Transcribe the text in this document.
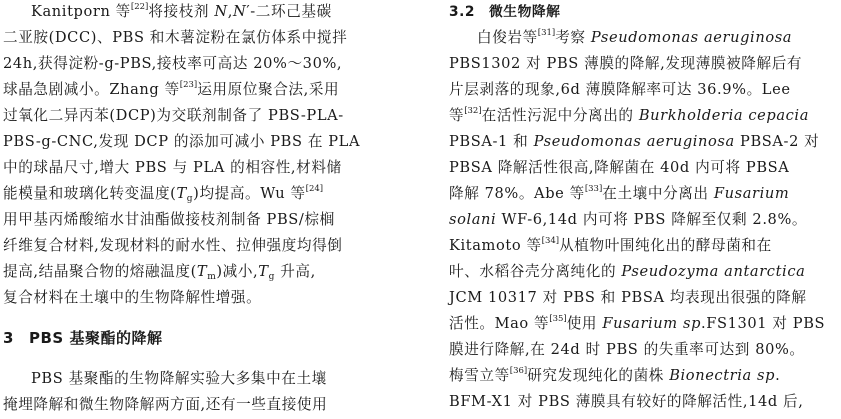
Kanitporn 等[22]将接枝剂 N,N′-二环己基碳
二亚胺(DCC)、PBS 和木薯淀粉在氯仿体系中搅拌
24h,获得淀粉-g-PBS,接枝率可高达 20%～30%,
球晶急剧减小。Zhang 等[23]运用原位聚合法,采用
过氧化二异丙苯(DCP)为交联剂制备了 PBS-PLA-
PBS-g-CNC,发现 DCP 的添加可减小 PBS 在 PLA
中的球晶尺寸,增大 PBS 与 PLA 的相容性,材料储
能模量和玻璃化转变温度$(T_g)$均提高。Wu 等[24]
用甲基丙烯酸缩水甘油酯做接枝剂制备 PBS/棕榈
纤维复合材料,发现材料的耐水性、拉伸强度均得倒
提高,结晶聚合物的熔融温度$(T_m)$减小$,T_g$ 升高,
复合材料在土壤中的生物降解性增强。
3 PBS 基聚酯的降解
PBS 基聚酯的生物降解实验大多集中在土壤
掩埋降解和微生物降解两方面,还有一些直接使用
3.2 微生物降解
白俊岩等[31]考察 Pseudomonas aeruginosa
PBS1302 对 PBS 薄膜的降解,发现薄膜被降解后有
片层剥落的现象,6d 薄膜降解率可达 36.9%。Lee
等[32]在活性污泥中分离出的 Burkholderia cepacia
PBSA-1 和 Pseudomonas aeruginosa PBSA-2 对
PBSA 降解活性很高,降解菌在 40d 内可将 PBSA
降解 78%。Abe 等[33]在土壤中分离出 Fusarium
solani WF-6,14d 内可将 PBS 降解至仅剩 2.8%。
Kitamoto 等[34]从植物叶围纯化出的酵母菌和在
叶、水稻谷壳分离纯化的 Pseudozyma antarctica
JCM 10317 对 PBS 和 PBSA 均表现出很强的降解
活性。Mao 等[35]使用 Fusarium sp.FS1301 对 PBS
膜进行降解,在 24d 时 PBS 的失重率可达到 80%。
梅雪立等[36]研究发现纯化的菌株 Bionectria sp.
BFM-X1 对 PBS 薄膜具有较好的降解活性,14d 后,
